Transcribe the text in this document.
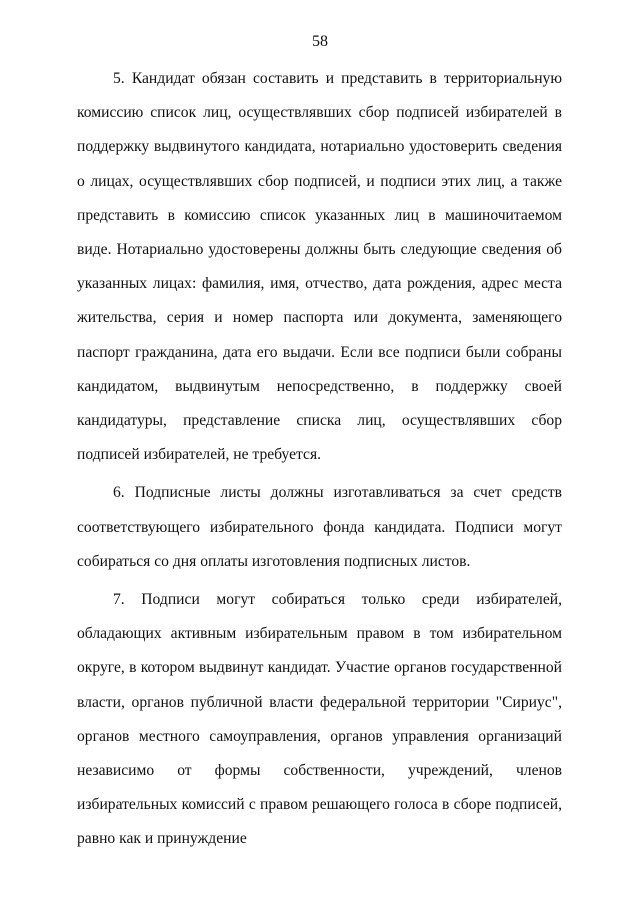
58

5. Кандидат обязан составить и представить в территориальную комиссию список лиц, осуществлявших сбор подписей избирателей в поддержку выдвинутого кандидата, нотариально удостоверить сведения о лицах, осуществлявших сбор подписей, и подписи этих лиц, а также представить в комиссию список указанных лиц в машиночитаемом виде. Нотариально удостоверены должны быть следующие сведения об указанных лицах: фамилия, имя, отчество, дата рождения, адрес места жительства, серия и номер паспорта или документа, заменяющего паспорт гражданина, дата его выдачи. Если все подписи были собраны кандидатом, выдвинутым непосредственно, в поддержку своей кандидатуры, представление списка лиц, осуществлявших сбор подписей избирателей, не требуется.

6. Подписные листы должны изготавливаться за счет средств соответствующего избирательного фонда кандидата. Подписи могут собираться со дня оплаты изготовления подписных листов.

7. Подписи могут собираться только среди избирателей, обладающих активным избирательным правом в том избирательном округе, в котором выдвинут кандидат. Участие органов государственной власти, органов публичной власти федеральной территории "Сириус", органов местного самоуправления, органов управления организаций независимо от формы собственности, учреждений, членов избирательных комиссий с правом решающего голоса в сборе подписей, равно как и принуждение
